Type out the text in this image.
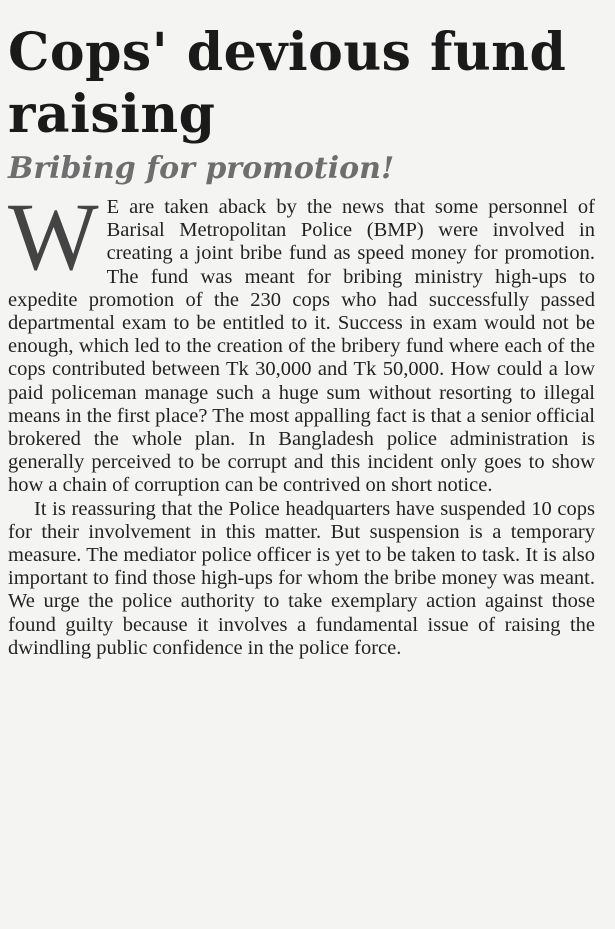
Cops' devious fund raising
Bribing for promotion!

W E are taken aback by the news that some personnel of Barisal Metropolitan Police (BMP) were involved in creating a joint bribe fund as speed money for promotion. The fund was meant for bribing ministry high-ups to expedite promotion of the 230 cops who had successfully passed departmental exam to be entitled to it. Success in exam would not be enough, which led to the creation of the bribery fund where each of the cops contributed between Tk 30,000 and Tk 50,000. How could a low paid policeman manage such a huge sum without resorting to illegal means in the first place? The most appalling fact is that a senior official brokered the whole plan. In Bangladesh police administration is generally perceived to be corrupt and this incident only goes to show how a chain of corruption can be contrived on short notice.

It is reassuring that the Police headquarters have suspended 10 cops for their involvement in this matter. But suspension is a temporary measure. The mediator police officer is yet to be taken to task. It is also important to find those high-ups for whom the bribe money was meant. We urge the police authority to take exemplary action against those found guilty because it involves a fundamental issue of raising the dwindling public confidence in the police force.
